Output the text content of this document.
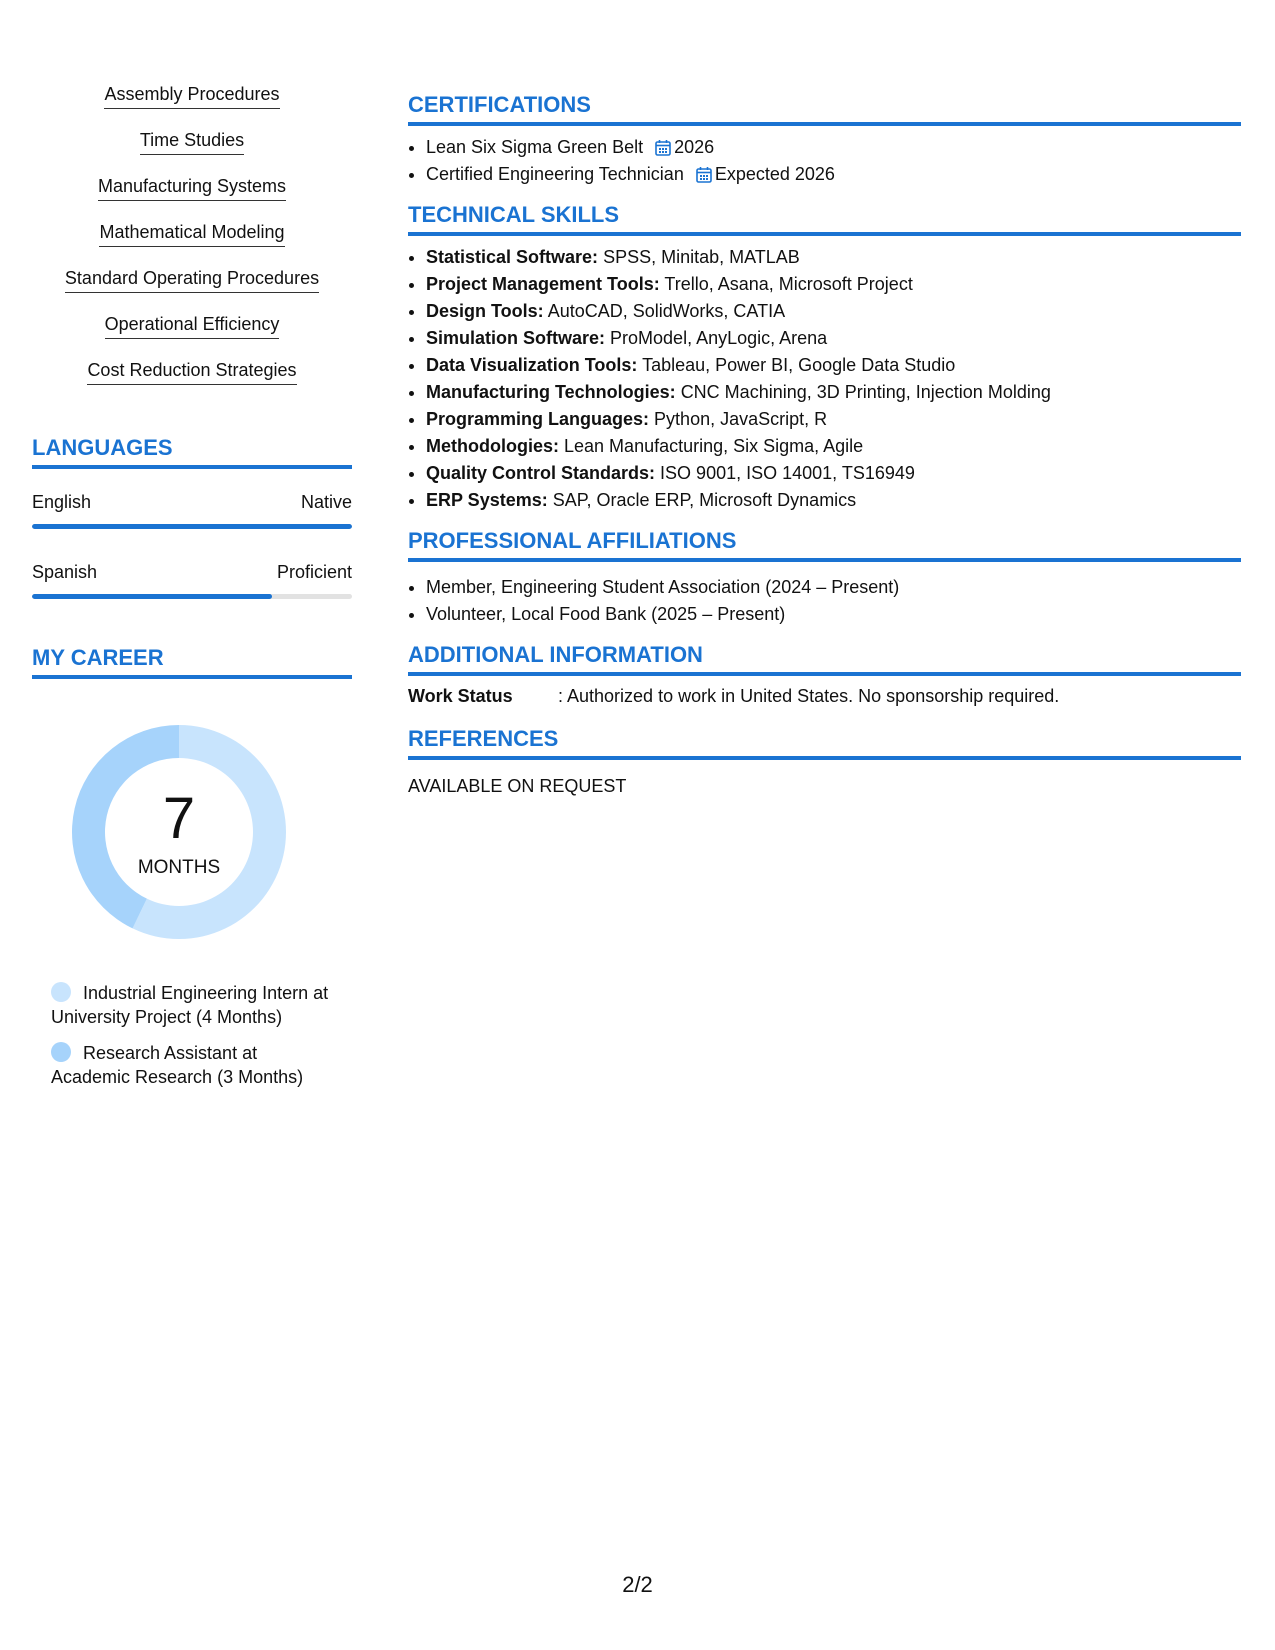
Assembly Procedures
Time Studies
Manufacturing Systems
Mathematical Modeling
Standard Operating Procedures
Operational Efficiency
Cost Reduction Strategies
LANGUAGES
English	Native
Spanish	Proficient
MY CAREER
7
MONTHS
Industrial Engineering Intern at University Project (4 Months)
Research Assistant at Academic Research (3 Months)
CERTIFICATIONS
• Lean Six Sigma Green Belt 2026
• Certified Engineering Technician Expected 2026
TECHNICAL SKILLS
• Statistical Software: SPSS, Minitab, MATLAB
• Project Management Tools: Trello, Asana, Microsoft Project
• Design Tools: AutoCAD, SolidWorks, CATIA
• Simulation Software: ProModel, AnyLogic, Arena
• Data Visualization Tools: Tableau, Power BI, Google Data Studio
• Manufacturing Technologies: CNC Machining, 3D Printing, Injection Molding
• Programming Languages: Python, JavaScript, R
• Methodologies: Lean Manufacturing, Six Sigma, Agile
• Quality Control Standards: ISO 9001, ISO 14001, TS16949
• ERP Systems: SAP, Oracle ERP, Microsoft Dynamics
PROFESSIONAL AFFILIATIONS
• Member, Engineering Student Association (2024 – Present)
• Volunteer, Local Food Bank (2025 – Present)
ADDITIONAL INFORMATION
Work Status	: Authorized to work in United States. No sponsorship required.
REFERENCES
AVAILABLE ON REQUEST
2/2
